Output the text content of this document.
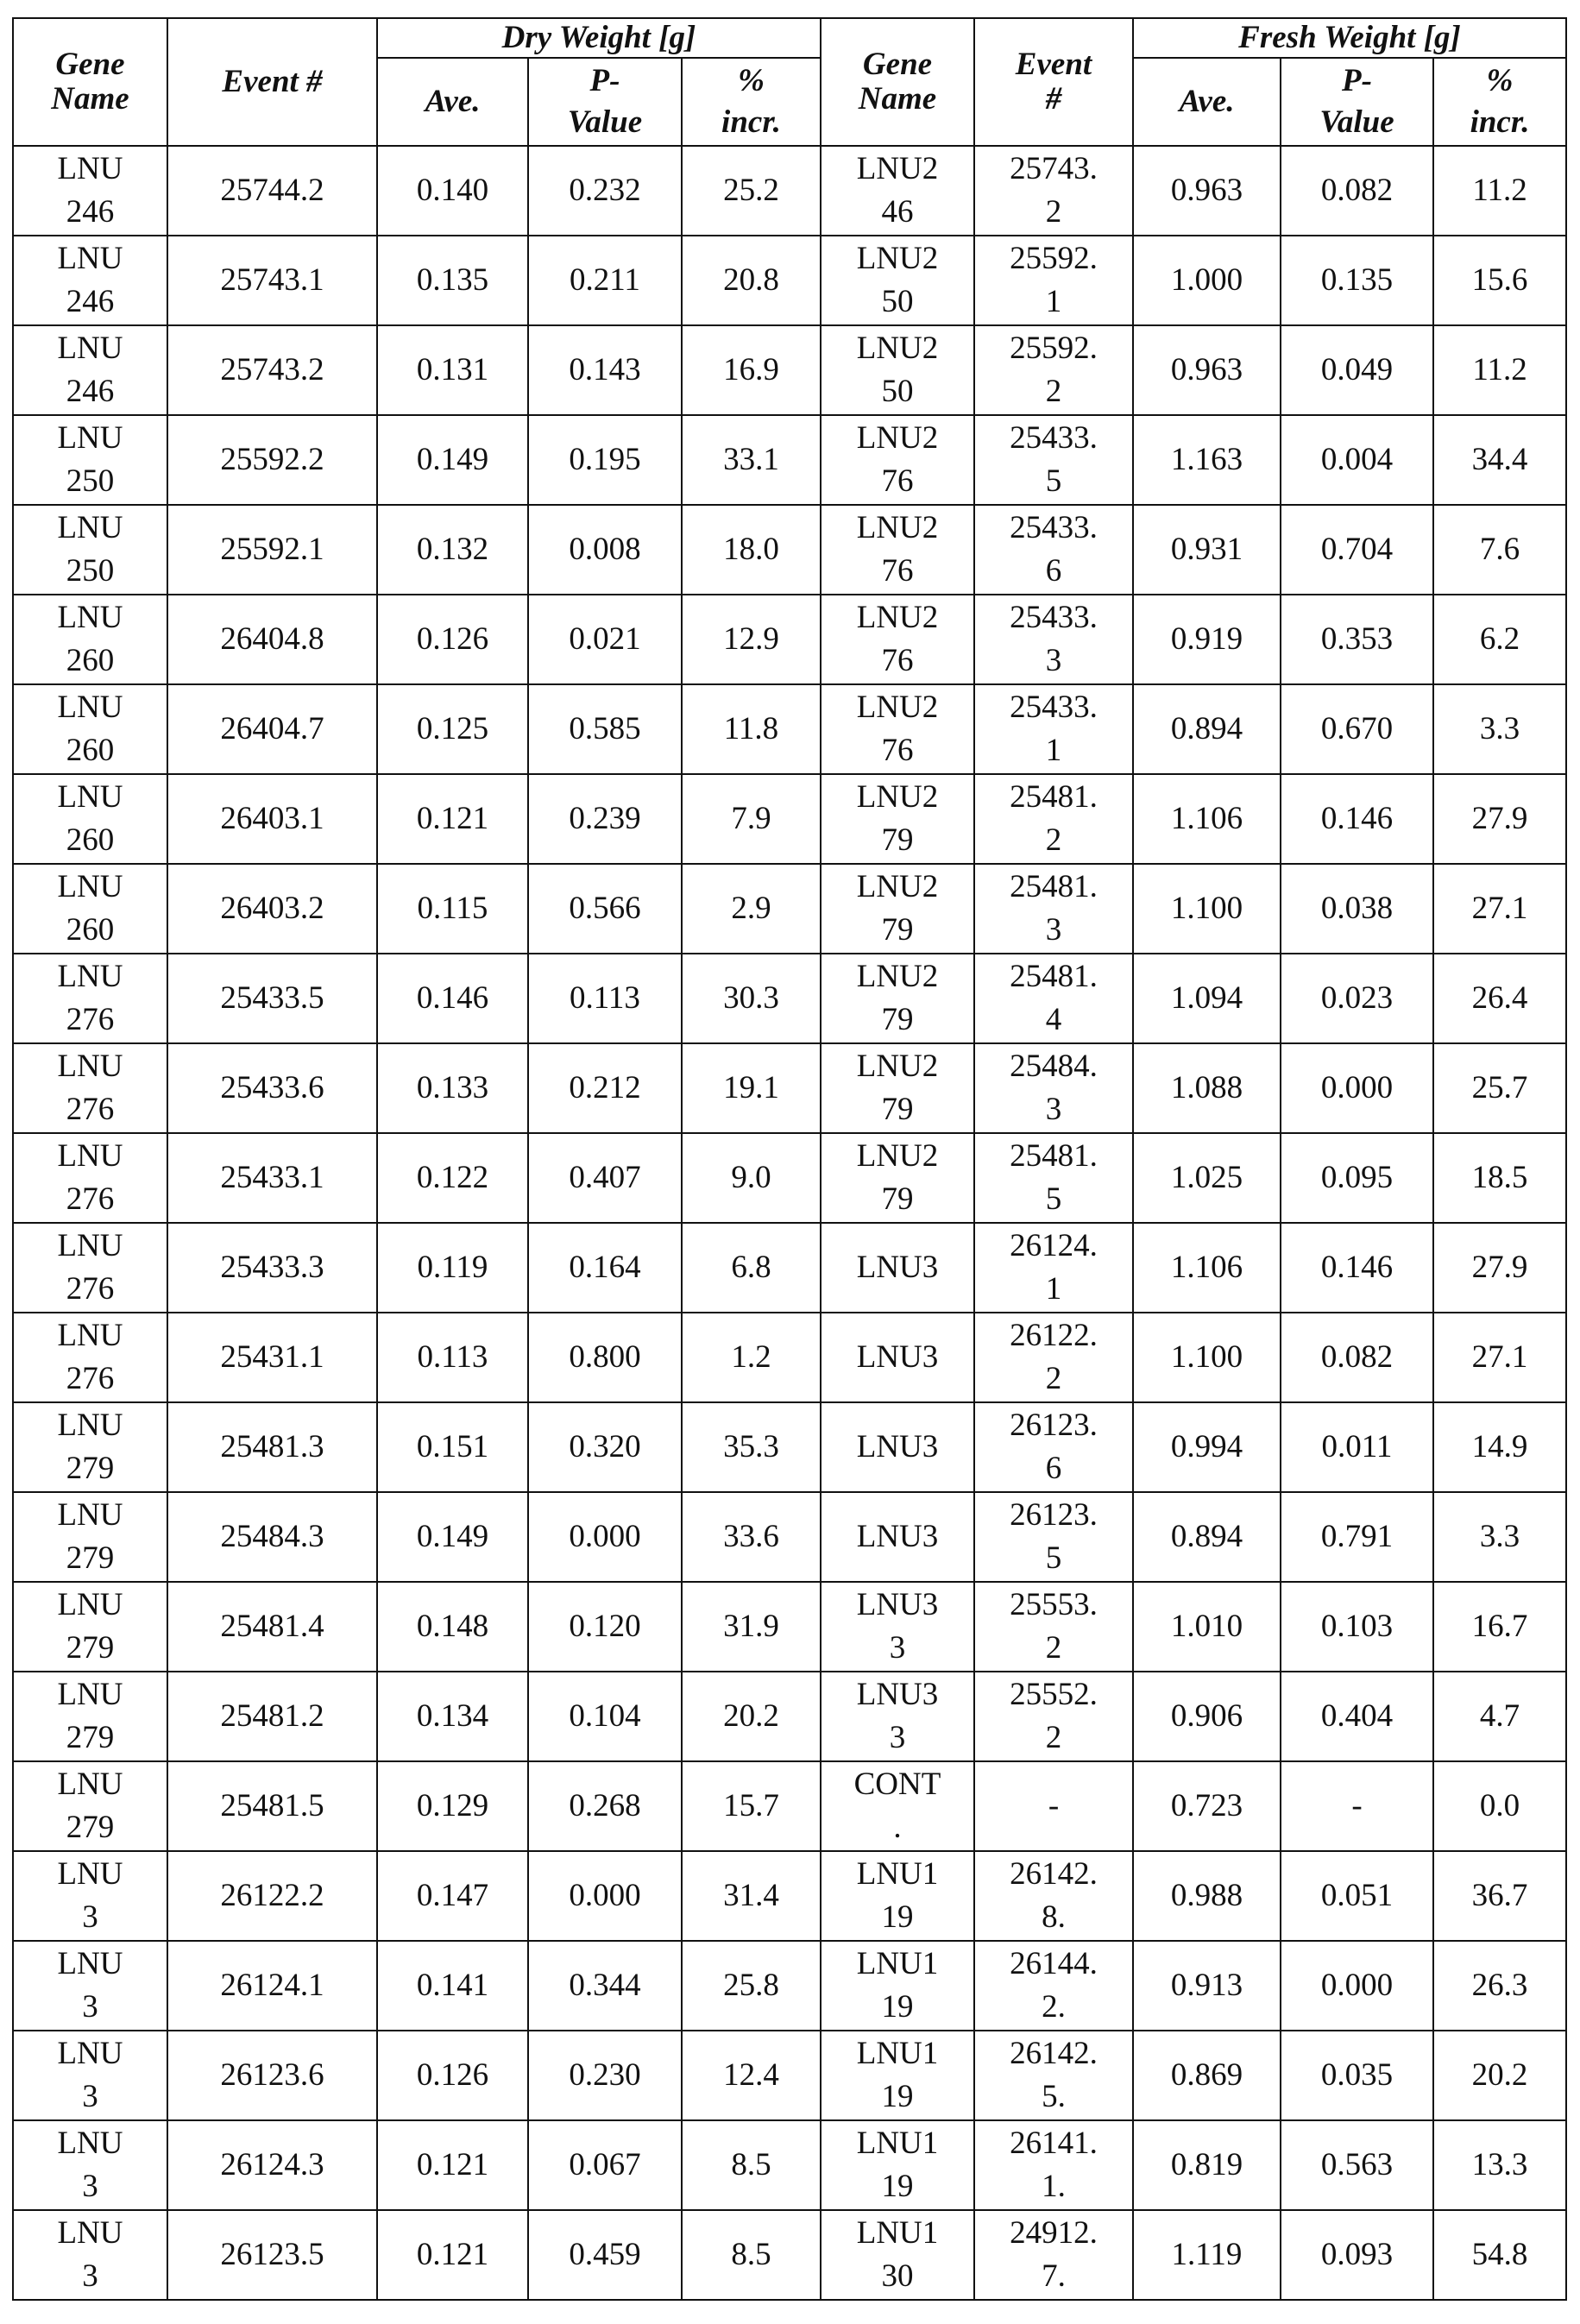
Gene
Name	Event #	Dry Weight [g]	Gene
Name	Event
#	Fresh Weight [g]
Ave.	P-
Value	%
incr.	Ave.	P-
Value	%
incr.
LNU
246	25744.2	0.140	0.232	25.2	LNU2
46	25743.
2	0.963	0.082	11.2
LNU
246	25743.1	0.135	0.211	20.8	LNU2
50	25592.
1	1.000	0.135	15.6
LNU
246	25743.2	0.131	0.143	16.9	LNU2
50	25592.
2	0.963	0.049	11.2
LNU
250	25592.2	0.149	0.195	33.1	LNU2
76	25433.
5	1.163	0.004	34.4
LNU
250	25592.1	0.132	0.008	18.0	LNU2
76	25433.
6	0.931	0.704	7.6
LNU
260	26404.8	0.126	0.021	12.9	LNU2
76	25433.
3	0.919	0.353	6.2
LNU
260	26404.7	0.125	0.585	11.8	LNU2
76	25433.
1	0.894	0.670	3.3
LNU
260	26403.1	0.121	0.239	7.9	LNU2
79	25481.
2	1.106	0.146	27.9
LNU
260	26403.2	0.115	0.566	2.9	LNU2
79	25481.
3	1.100	0.038	27.1
LNU
276	25433.5	0.146	0.113	30.3	LNU2
79	25481.
4	1.094	0.023	26.4
LNU
276	25433.6	0.133	0.212	19.1	LNU2
79	25484.
3	1.088	0.000	25.7
LNU
276	25433.1	0.122	0.407	9.0	LNU2
79	25481.
5	1.025	0.095	18.5
LNU
276	25433.3	0.119	0.164	6.8	LNU3	26124.
1	1.106	0.146	27.9
LNU
276	25431.1	0.113	0.800	1.2	LNU3	26122.
2	1.100	0.082	27.1
LNU
279	25481.3	0.151	0.320	35.3	LNU3	26123.
6	0.994	0.011	14.9
LNU
279	25484.3	0.149	0.000	33.6	LNU3	26123.
5	0.894	0.791	3.3
LNU
279	25481.4	0.148	0.120	31.9	LNU3
3	25553.
2	1.010	0.103	16.7
LNU
279	25481.2	0.134	0.104	20.2	LNU3
3	25552.
2	0.906	0.404	4.7
LNU
279	25481.5	0.129	0.268	15.7	CONT
.	-	0.723	-	0.0
LNU
3	26122.2	0.147	0.000	31.4	LNU1
19	26142.
8.	0.988	0.051	36.7
LNU
3	26124.1	0.141	0.344	25.8	LNU1
19	26144.
2.	0.913	0.000	26.3
LNU
3	26123.6	0.126	0.230	12.4	LNU1
19	26142.
5.	0.869	0.035	20.2
LNU
3	26124.3	0.121	0.067	8.5	LNU1
19	26141.
1.	0.819	0.563	13.3
LNU
3	26123.5	0.121	0.459	8.5	LNU1
30	24912.
7.	1.119	0.093	54.8
